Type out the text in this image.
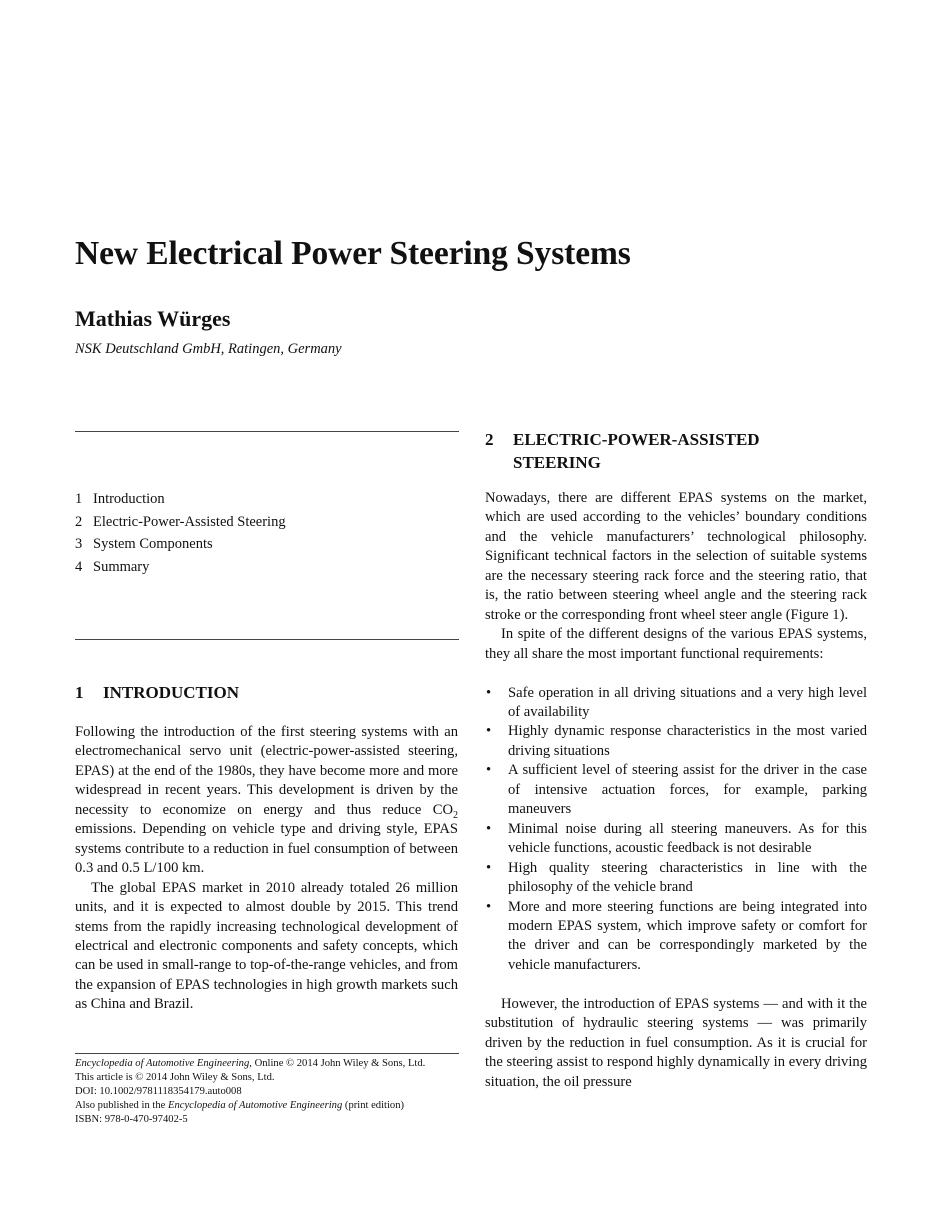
New Electrical Power Steering Systems
Mathias Würges
NSK Deutschland GmbH, Ratingen, Germany
1 Introduction
2 Electric-Power-Assisted Steering
3 System Components
4 Summary
1 INTRODUCTION

Following the introduction of the first steering systems with an electromechanical servo unit (electric-power-assisted steering, EPAS) at the end of the 1980s, they have become more and more widespread in recent years. This development is driven by the necessity to economize on energy and thus reduce $CO_2$ emissions. Depending on vehicle type and driving style, EPAS systems contribute to a reduction in fuel consumption of between 0.3 and 0.5 L/100 km.

The global EPAS market in 2010 already totaled 26 million units, and it is expected to almost double by 2015. This trend stems from the rapidly increasing technological development of electrical and electronic components and safety concepts, which can be used in small-range to top-of-the-range vehicles, and from the expansion of EPAS technologies in high growth markets such as China and Brazil.

Encyclopedia of Automotive Engineering, Online © 2014 John Wiley & Sons, Ltd.
This article is © 2014 John Wiley & Sons, Ltd.
DOI: 10.1002/9781118354179.auto008
Also published in the Encyclopedia of Automotive Engineering (print edition)
ISBN: 978-0-470-97402-5
2 ELECTRIC-POWER-ASSISTED
STEERING

Nowadays, there are different EPAS systems on the market, which are used according to the vehicles’ boundary conditions and the vehicle manufacturers’ technological philosophy. Significant technical factors in the selection of suitable systems are the necessary steering rack force and the steering ratio, that is, the ratio between steering wheel angle and the steering rack stroke or the corresponding front wheel steer angle (Figure 1).

In spite of the different designs of the various EPAS systems, they all share the most important functional requirements:

• Safe operation in all driving situations and a very high level of availability
• Highly dynamic response characteristics in the most varied driving situations
• A sufficient level of steering assist for the driver in the case of intensive actuation forces, for example, parking maneuvers
• Minimal noise during all steering maneuvers. As for this vehicle functions, acoustic feedback is not desirable
• High quality steering characteristics in line with the philosophy of the vehicle brand
• More and more steering functions are being integrated into modern EPAS system, which improve safety or comfort for the driver and can be correspondingly marketed by the vehicle manufacturers.

However, the introduction of EPAS systems — and with it the substitution of hydraulic steering systems — was primarily driven by the reduction in fuel consumption. As it is crucial for the steering assist to respond highly dynamically in every driving situation, the oil pressure
